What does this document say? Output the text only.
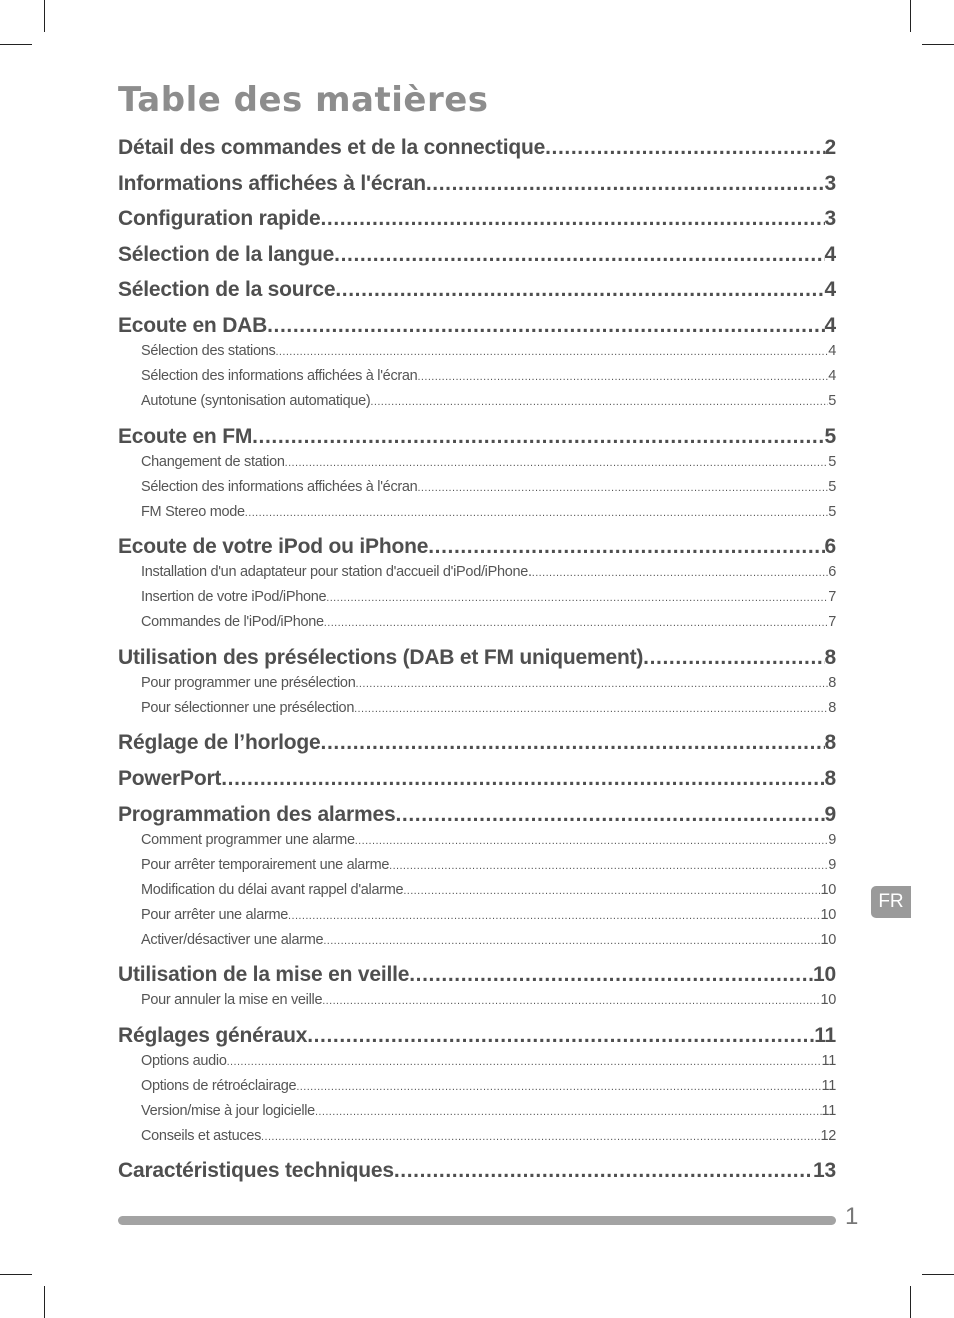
Table des matières
Détail des commandes et de la connectique .....	2
Informations affichées à l'écran .....	3
Configuration rapide .....	3
Sélection de la langue .....	4
Sélection de la source .....	4
Ecoute en DAB .....	4
Sélection des stations .....	4
Sélection des informations affichées à l'écran .....	4
Autotune (syntonisation automatique) .....	5
Ecoute en FM .....	5
Changement de station .....	5
Sélection des informations affichées à l'écran .....	5
FM Stereo mode .....	5
Ecoute de votre iPod ou iPhone .....	6
Installation d'un adaptateur pour station d'accueil d'iPod/iPhone. .....	6
Insertion de votre iPod/iPhone .....	7
Commandes de l'iPod/iPhone .....	7
Utilisation des présélections (DAB et FM uniquement) .....	8
Pour programmer une présélection .....	8
Pour sélectionner une présélection .....	8
Réglage de l’horloge .....	8
PowerPort .....	8
Programmation des alarmes .....	9
Comment programmer une alarme .....	9
Pour arrêter temporairement une alarme .....	9
Modification du délai avant rappel d'alarme .....	10
Pour arrêter une alarme .....	10
Activer/désactiver une alarme .....	10
Utilisation de la mise en veille .....	10
Pour annuler la mise en veille .....	10
Réglages généraux .....	11
Options audio .....	11
Options de rétroéclairage .....	11
Version/mise à jour logicielle .....	11
Conseils et astuces .....	12
Caractéristiques techniques .....	13
FR
1
